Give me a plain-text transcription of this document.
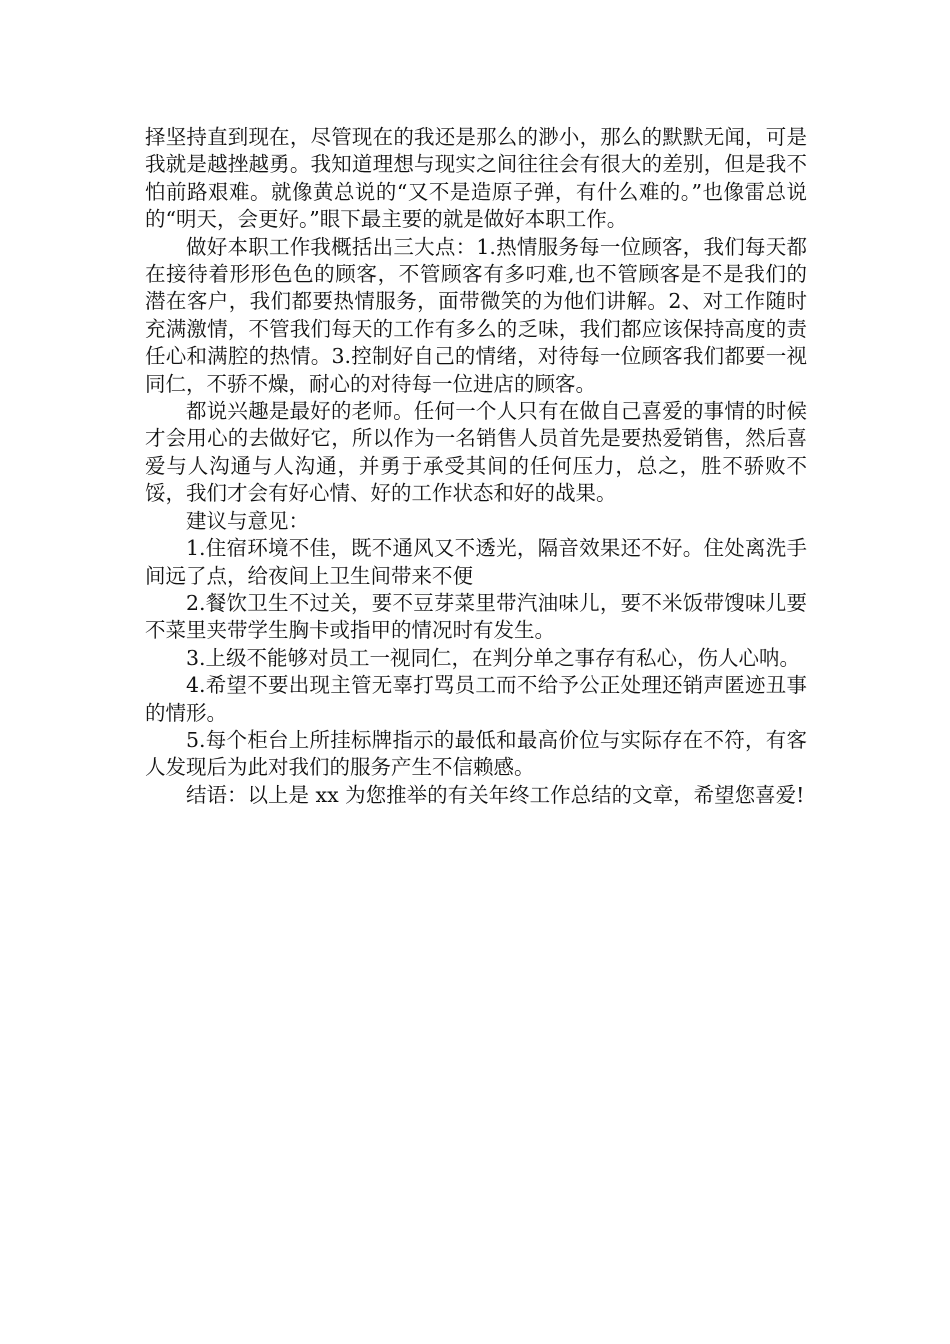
择坚持直到现在，尽管现在的我还是那么的渺小，那么的默默无闻，可是我就是越挫越勇。我知道理想与现实之间往往会有很大的差别，但是我不怕前路艰难。就像黄总说的“又不是造原子弹，有什么难的。”也像雷总说的“明天，会更好。”眼下最主要的就是做好本职工作。

做好本职工作我概括出三大点：1.热情服务每一位顾客，我们每天都在接待着形形色色的顾客，不管顾客有多叼难,也不管顾客是不是我们的潜在客户，我们都要热情服务，面带微笑的为他们讲解。2、对工作随时充满激情，不管我们每天的工作有多么的乏味，我们都应该保持高度的责任心和满腔的热情。3.控制好自己的情绪，对待每一位顾客我们都要一视同仁，不骄不燥，耐心的对待每一位进店的顾客。

都说兴趣是最好的老师。任何一个人只有在做自己喜爱的事情的时候才会用心的去做好它，所以作为一名销售人员首先是要热爱销售，然后喜爱与人沟通与人沟通，并勇于承受其间的任何压力，总之，胜不骄败不馁，我们才会有好心情、好的工作状态和好的战果。

建议与意见：

1.住宿环境不佳，既不通风又不透光，隔音效果还不好。住处离洗手间远了点，给夜间上卫生间带来不便

2.餐饮卫生不过关，要不豆芽菜里带汽油味儿，要不米饭带馊味儿要不菜里夹带学生胸卡或指甲的情况时有发生。

3.上级不能够对员工一视同仁，在判分单之事存有私心，伤人心呐。

4.希望不要出现主管无辜打骂员工而不给予公正处理还销声匿迹丑事的情形。

5.每个柜台上所挂标牌指示的最低和最高价位与实际存在不符，有客人发现后为此对我们的服务产生不信赖感。

结语：以上是 xx 为您推举的有关年终工作总结的文章，希望您喜爱!
